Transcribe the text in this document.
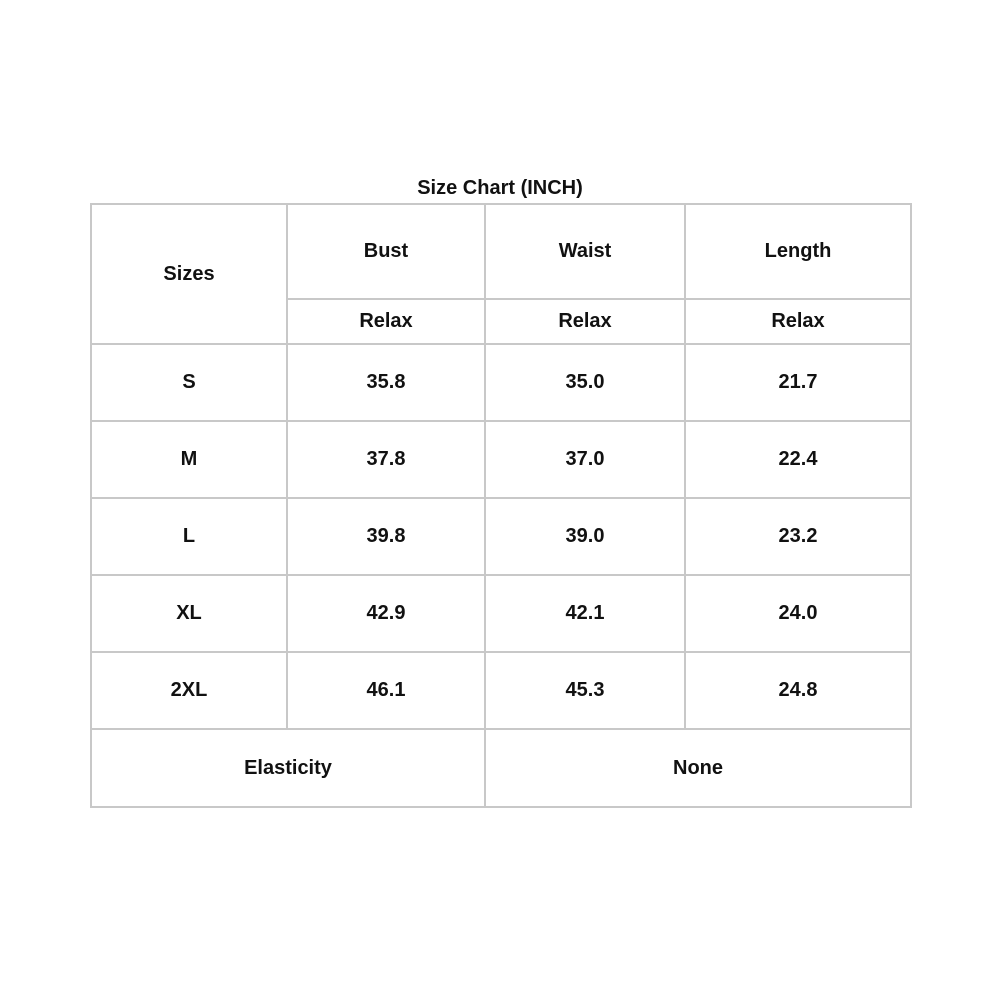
Size Chart (INCH)
Sizes	Bust	Waist	Length
	Relax	Relax	Relax
S	35.8	35.0	21.7
M	37.8	37.0	22.4
L	39.8	39.0	23.2
XL	42.9	42.1	24.0
2XL	46.1	45.3	24.8
Elasticity		None	
